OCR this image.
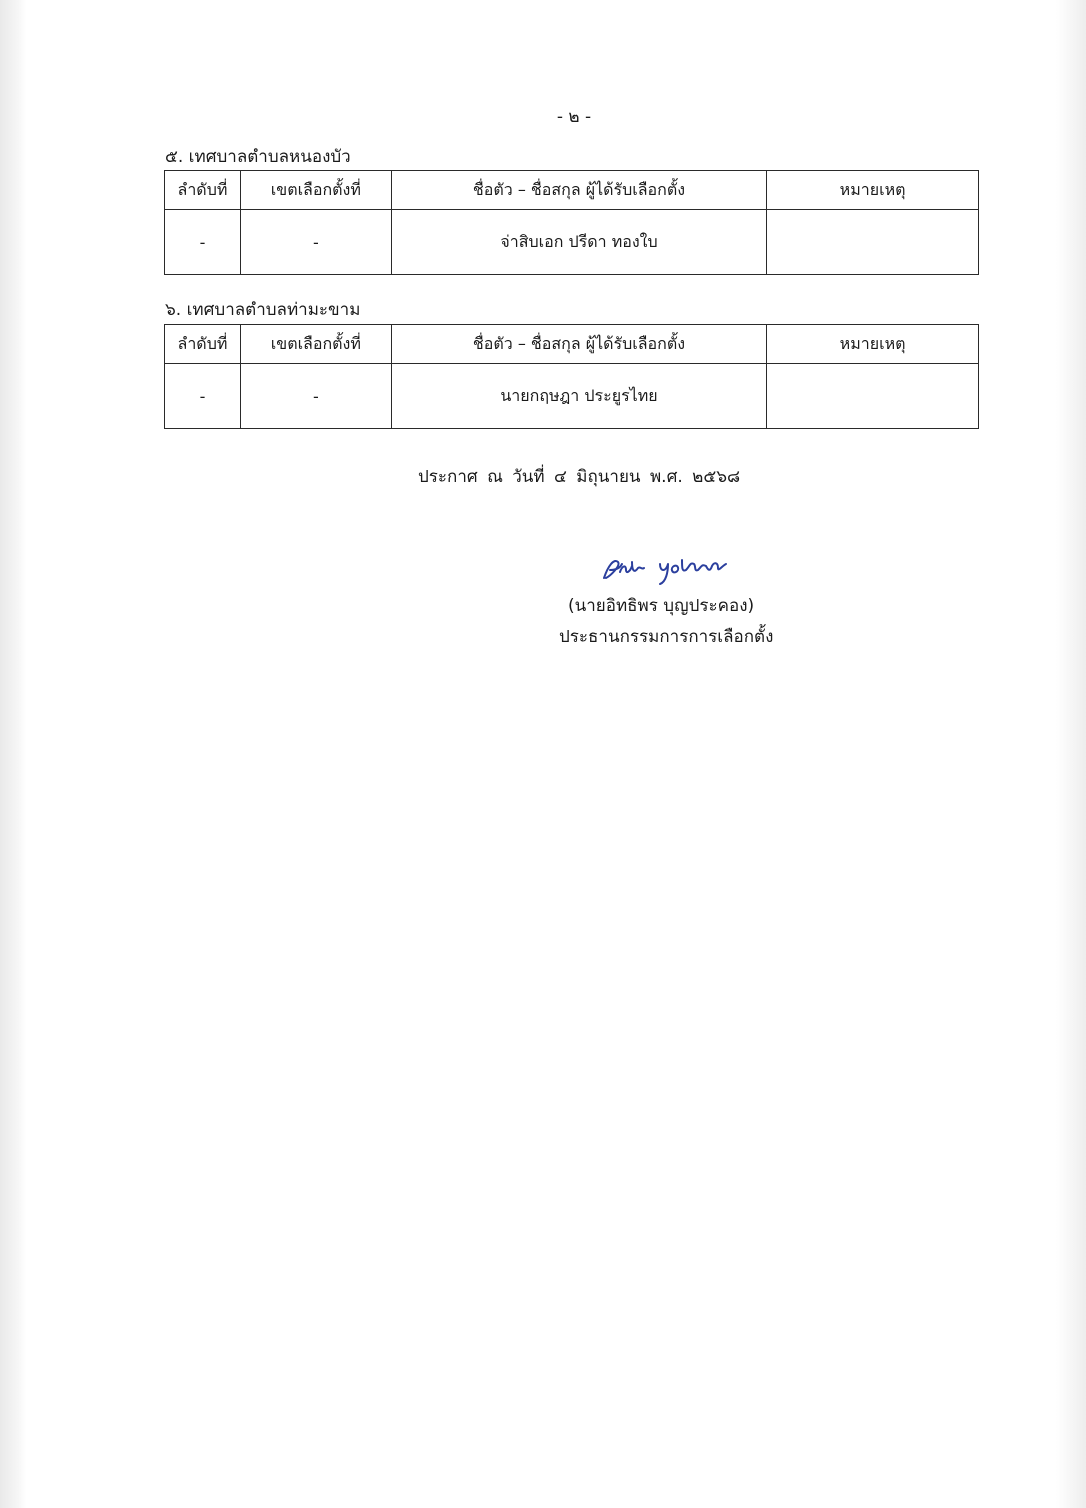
- ๒ -
๕. เทศบาลตำบลหนองบัว
ลำดับที่	เขตเลือกตั้งที่	ชื่อตัว – ชื่อสกุล ผู้ได้รับเลือกตั้ง	หมายเหตุ
-	-	จ่าสิบเอก ปรีดา ทองใบ	
๖. เทศบาลตำบลท่ามะขาม
ลำดับที่	เขตเลือกตั้งที่	ชื่อตัว – ชื่อสกุล ผู้ได้รับเลือกตั้ง	หมายเหตุ
-	-	นายกฤษฎา ประยูรไทย	
ประกาศ ณ วันที่ ๔ มิถุนายน พ.ศ. ๒๕๖๘
(นายอิทธิพร บุญประคอง)
ประธานกรรมการการเลือกตั้ง
